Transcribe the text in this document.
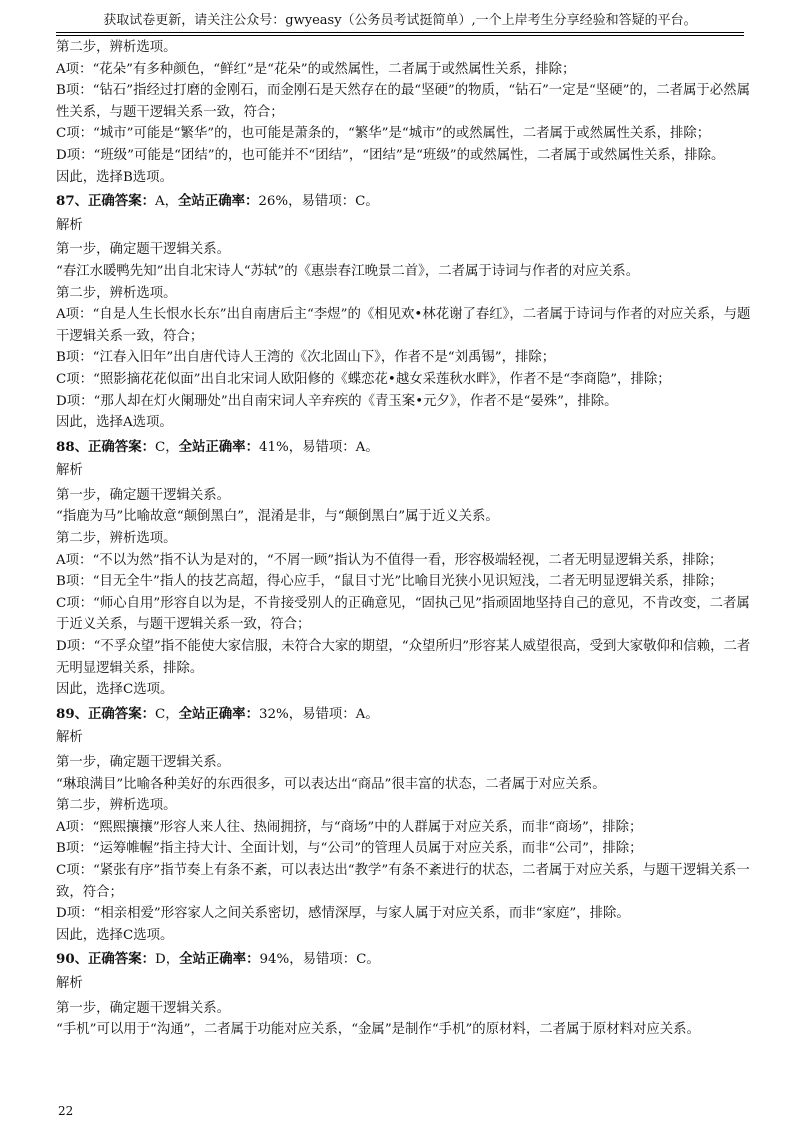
获取试卷更新，请关注公众号：gwyeasy（公务员考试挺简单）,一个上岸考生分享经验和答疑的平台。

第二步，辨析选项。

A项：“花朵”有多种颜色，“鲜红”是“花朵”的或然属性，二者属于或然属性关系，排除；

B项：“钻石”指经过打磨的金刚石，而金刚石是天然存在的最“坚硬”的物质，“钻石”一定是“坚硬”的，二者属于必然属性关系，与题干逻辑关系一致，符合；

C项：“城市”可能是“繁华”的，也可能是萧条的，“繁华”是“城市”的或然属性，二者属于或然属性关系，排除；

D项：“班级”可能是“团结”的，也可能并不“团结”，“团结”是“班级”的或然属性，二者属于或然属性关系，排除。

因此，选择B选项。

87、正确答案：A，全站正确率：26%，易错项：C。

解析

第一步，确定题干逻辑关系。

“春江水暖鸭先知”出自北宋诗人“苏轼”的《惠崇春江晚景二首》，二者属于诗词与作者的对应关系。

第二步，辨析选项。

A项：“自是人生长恨水长东”出自南唐后主“李煜”的《相见欢•林花谢了春红》，二者属于诗词与作者的对应关系，与题干逻辑关系一致，符合；

B项：“江春入旧年”出自唐代诗人王湾的《次北固山下》，作者不是“刘禹锡”，排除；

C项：“照影摘花花似面”出自北宋词人欧阳修的《蝶恋花•越女采莲秋水畔》，作者不是“李商隐”，排除；

D项：“那人却在灯火阑珊处”出自南宋词人辛弃疾的《青玉案•元夕》，作者不是“晏殊”，排除。

因此，选择A选项。

88、正确答案：C，全站正确率：41%，易错项：A。

解析

第一步，确定题干逻辑关系。

“指鹿为马”比喻故意“颠倒黑白”，混淆是非，与“颠倒黑白”属于近义关系。

第二步，辨析选项。

A项：“不以为然”指不认为是对的，“不屑一顾”指认为不值得一看，形容极端轻视，二者无明显逻辑关系，排除；

B项：“目无全牛”指人的技艺高超，得心应手，“鼠目寸光”比喻目光狭小见识短浅，二者无明显逻辑关系，排除；

C项：“师心自用”形容自以为是，不肯接受别人的正确意见，“固执己见”指顽固地坚持自己的意见，不肯改变，二者属于近义关系，与题干逻辑关系一致，符合；

D项：“不孚众望”指不能使大家信服，未符合大家的期望，“众望所归”形容某人威望很高，受到大家敬仰和信赖，二者无明显逻辑关系，排除。

因此，选择C选项。

89、正确答案：C，全站正确率：32%，易错项：A。

解析

第一步，确定题干逻辑关系。

“琳琅满目”比喻各种美好的东西很多，可以表达出“商品”很丰富的状态，二者属于对应关系。

第二步，辨析选项。

A项：“熙熙攘攘”形容人来人往、热闹拥挤，与“商场”中的人群属于对应关系，而非“商场”，排除；

B项：“运筹帷幄”指主持大计、全面计划，与“公司”的管理人员属于对应关系，而非“公司”，排除；

C项：“紧张有序”指节奏上有条不紊，可以表达出“教学”有条不紊进行的状态，二者属于对应关系，与题干逻辑关系一致，符合；

D项：“相亲相爱”形容家人之间关系密切，感情深厚，与家人属于对应关系，而非“家庭”，排除。

因此，选择C选项。

90、正确答案：D，全站正确率：94%，易错项：C。

解析

第一步，确定题干逻辑关系。

“手机”可以用于“沟通”，二者属于功能对应关系，“金属”是制作“手机”的原材料，二者属于原材料对应关系。

22
